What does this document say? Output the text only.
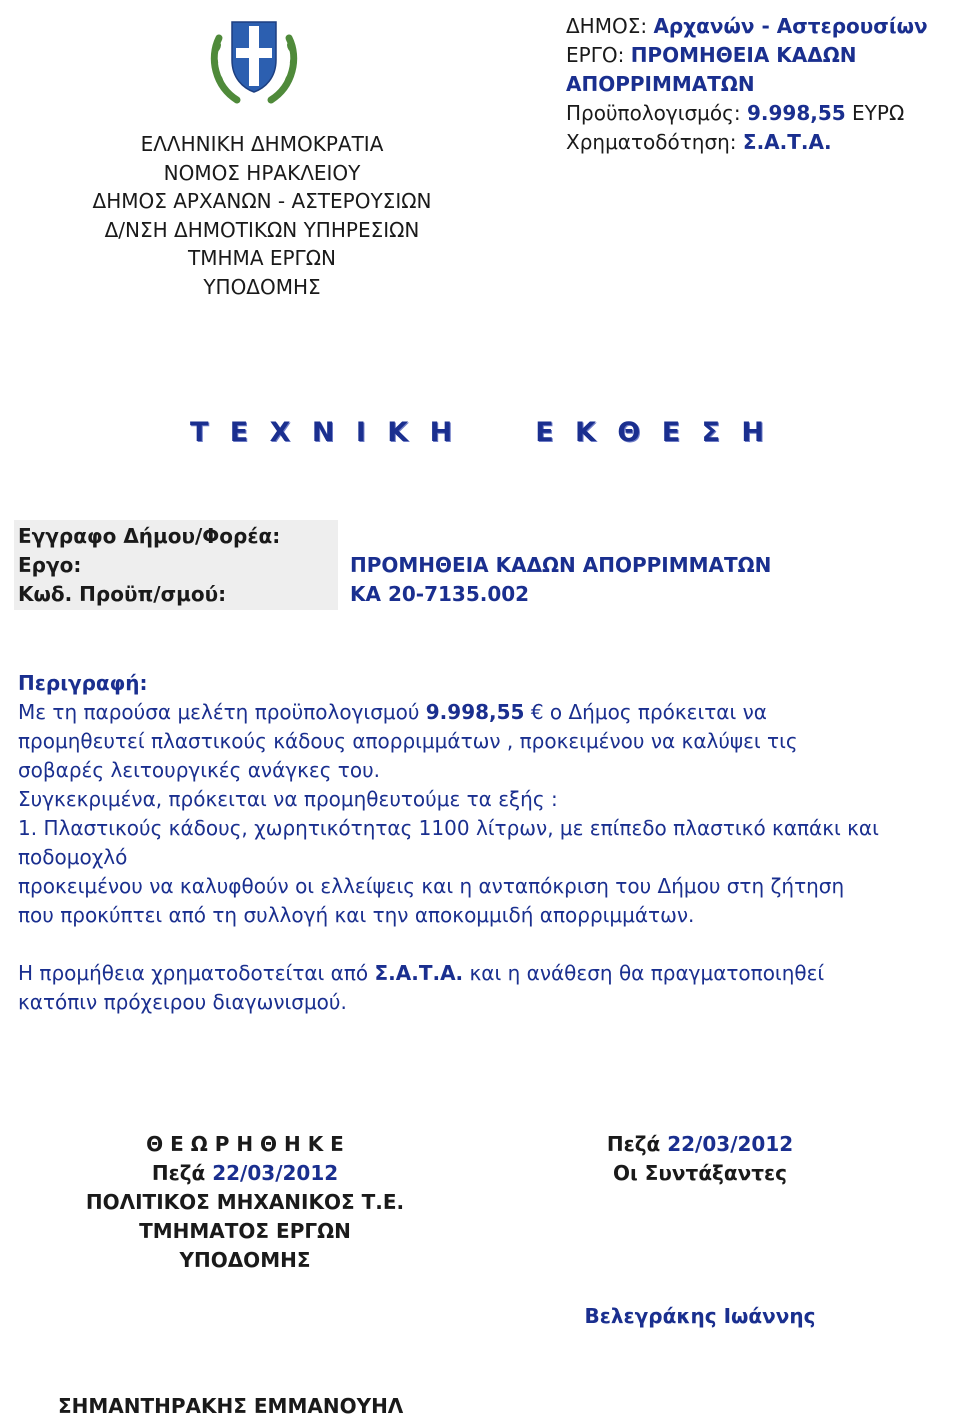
ΕΛΛΗΝΙΚΗ ΔΗΜΟΚΡΑΤΙΑ
ΝΟΜΟΣ ΗΡΑΚΛΕΙΟΥ
ΔΗΜΟΣ ΑΡΧΑΝΩΝ - ΑΣΤΕΡΟΥΣΙΩΝ
Δ/ΝΣΗ ΔΗΜΟΤΙΚΩΝ ΥΠΗΡΕΣΙΩΝ
ΤΜΗΜΑ ΕΡΓΩΝ
ΥΠΟΔΟΜΗΣ
ΔΗΜΟΣ: Αρχανών - Αστερουσίων
ΕΡΓΟ: ΠΡΟΜΗΘΕΙΑ ΚΑΔΩΝ
ΑΠΟΡΡΙΜΜΑΤΩΝ
Προϋπολογισμός: 9.998,55 ΕΥΡΩ
Χρηματοδότηση: Σ.Α.Τ.Α.
Τ Ε Χ Ν Ι Κ Η     Ε Κ Θ Ε Σ Η
Εγγραφο Δήμου/Φορέα:
Εργο:
Κωδ. Προϋπ/σμού:
ΠΡΟΜΗΘΕΙΑ ΚΑΔΩΝ ΑΠΟΡΡΙΜΜΑΤΩΝ
ΚΑ 20-7135.002
Περιγραφή:

Με τη παρούσα μελέτη προϋπολογισμού 9.998,55 € ο Δήμος πρόκειται να

προμηθευτεί πλαστικούς κάδους απορριμμάτων , προκειμένου να καλύψει τις

σοβαρές λειτουργικές ανάγκες του.

Συγκεκριμένα, πρόκειται να προμηθευτούμε τα εξής :

1. Πλαστικούς κάδους, χωρητικότητας 1100 λίτρων, με επίπεδο πλαστικό καπάκι και

ποδομοχλό

προκειμένου να καλυφθούν οι ελλείψεις και η ανταπόκριση του Δήμου στη ζήτηση

που προκύπτει από τη συλλογή και την αποκομμιδή απορριμμάτων.

Η προμήθεια χρηματοδοτείται από Σ.Α.Τ.Α. και η ανάθεση θα πραγματοποιηθεί

κατόπιν πρόχειρου διαγωνισμού.

Θ Ε Ω Ρ Η Θ Η Κ Ε
Πεζά 22/03/2012
ΠΟΛΙΤΙΚΟΣ ΜΗΧΑΝΙΚΟΣ Τ.Ε.
ΤΜΗΜΑΤΟΣ ΕΡΓΩΝ
ΥΠΟΔΟΜΗΣ
Πεζά 22/03/2012
Οι Συντάξαντες
Βελεγράκης Ιωάννης
ΣΗΜΑΝΤΗΡΑΚΗΣ ΕΜΜΑΝΟΥΗΛ
